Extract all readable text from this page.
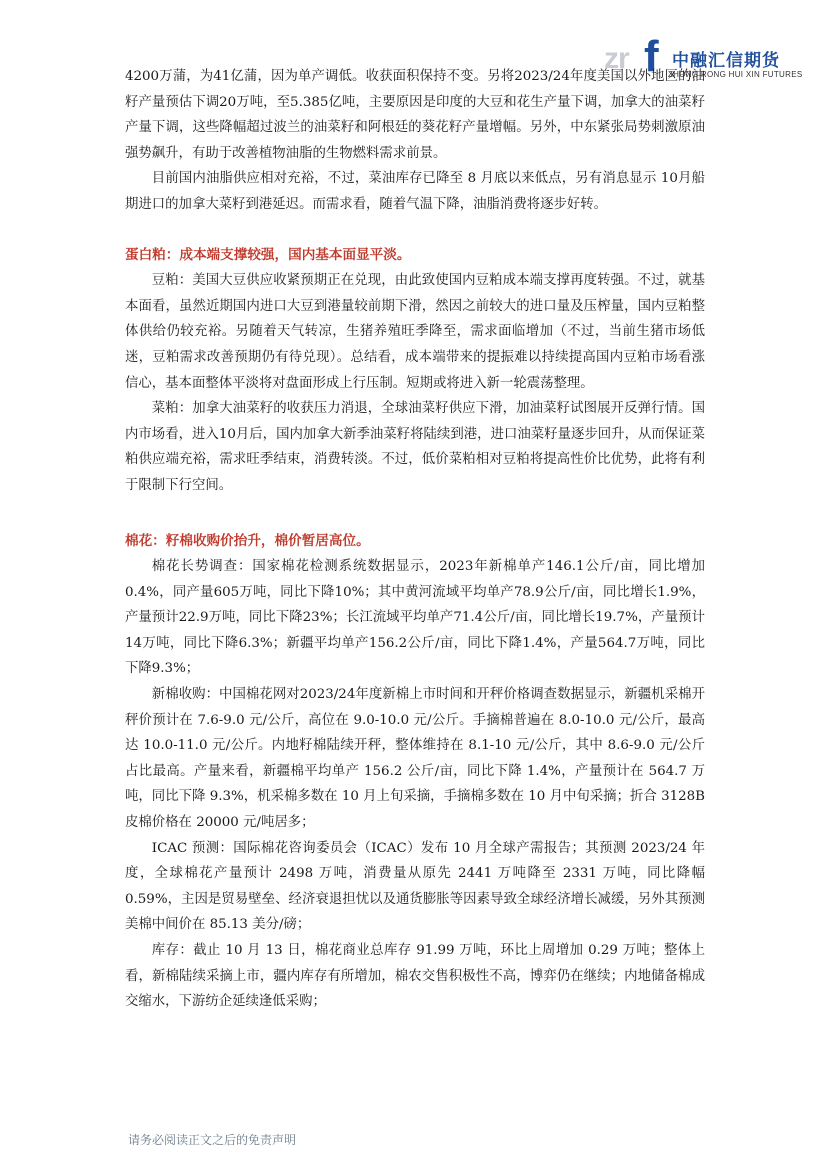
zr f 中融汇信期货
ZHONG RONG HUI XIN FUTURES

4200万蒲，为41亿蒲，因为单产调低。收获面积保持不变。另将2023/24年度美国以外地区的油籽产量预估下调20万吨，至5.385亿吨，主要原因是印度的大豆和花生产量下调，加拿大的油菜籽产量下调，这些降幅超过波兰的油菜籽和阿根廷的葵花籽产量增幅。另外，中东紧张局势刺激原油强势飙升，有助于改善植物油脂的生物燃料需求前景。

目前国内油脂供应相对充裕，不过，菜油库存已降至 8 月底以来低点，另有消息显示 10月船期进口的加拿大菜籽到港延迟。而需求看，随着气温下降，油脂消费将逐步好转。

蛋白粕：成本端支撑较强，国内基本面显平淡。

豆粕：美国大豆供应收紧预期正在兑现，由此致使国内豆粕成本端支撑再度转强。不过，就基本面看，虽然近期国内进口大豆到港量较前期下滑，然因之前较大的进口量及压榨量，国内豆粕整体供给仍较充裕。另随着天气转凉，生猪养殖旺季降至，需求面临增加（不过，当前生猪市场低迷，豆粕需求改善预期仍有待兑现）。总结看，成本端带来的提振难以持续提高国内豆粕市场看涨信心，基本面整体平淡将对盘面形成上行压制。短期或将进入新一轮震荡整理。

菜粕：加拿大油菜籽的收获压力消退，全球油菜籽供应下滑，加油菜籽试图展开反弹行情。国内市场看，进入10月后，国内加拿大新季油菜籽将陆续到港，进口油菜籽量逐步回升，从而保证菜粕供应端充裕，需求旺季结束，消费转淡。不过，低价菜粕相对豆粕将提高性价比优势，此将有利于限制下行空间。

棉花：籽棉收购价抬升，棉价暂居高位。

棉花长势调查：国家棉花检测系统数据显示，2023年新棉单产146.1公斤/亩，同比增加0.4%，同产量605万吨，同比下降10%；其中黄河流域平均单产78.9公斤/亩，同比增长1.9%，产量预计22.9万吨，同比下降23%；长江流域平均单产71.4公斤/亩，同比增长19.7%，产量预计14万吨，同比下降6.3%；新疆平均单产156.2公斤/亩，同比下降1.4%，产量564.7万吨，同比下降9.3%；

新棉收购：中国棉花网对2023/24年度新棉上市时间和开秤价格调查数据显示，新疆机采棉开秤价预计在 7.6-9.0 元/公斤，高位在 9.0-10.0 元/公斤。手摘棉普遍在 8.0-10.0 元/公斤，最高达 10.0-11.0 元/公斤。内地籽棉陆续开秤，整体维持在 8.1-10 元/公斤，其中 8.6-9.0 元/公斤占比最高。产量来看，新疆棉平均单产 156.2 公斤/亩，同比下降 1.4%，产量预计在 564.7 万吨，同比下降 9.3%，机采棉多数在 10 月上旬采摘，手摘棉多数在 10 月中旬采摘；折合 3128B 皮棉价格在 20000 元/吨居多；

ICAC 预测：国际棉花咨询委员会（ICAC）发布 10 月全球产需报告；其预测 2023/24 年度，全球棉花产量预计 2498 万吨，消费量从原先 2441 万吨降至 2331 万吨，同比降幅 0.59%，主因是贸易壁垒、经济衰退担忧以及通货膨胀等因素导致全球经济增长减缓，另外其预测美棉中间价在 85.13 美分/磅；

库存：截止 10 月 13 日，棉花商业总库存 91.99 万吨，环比上周增加 0.29 万吨；整体上看，新棉陆续采摘上市，疆内库存有所增加，棉农交售积极性不高，博弈仍在继续；内地储备棉成交缩水，下游纺企延续逢低采购；

请务必阅读正文之后的免责声明
